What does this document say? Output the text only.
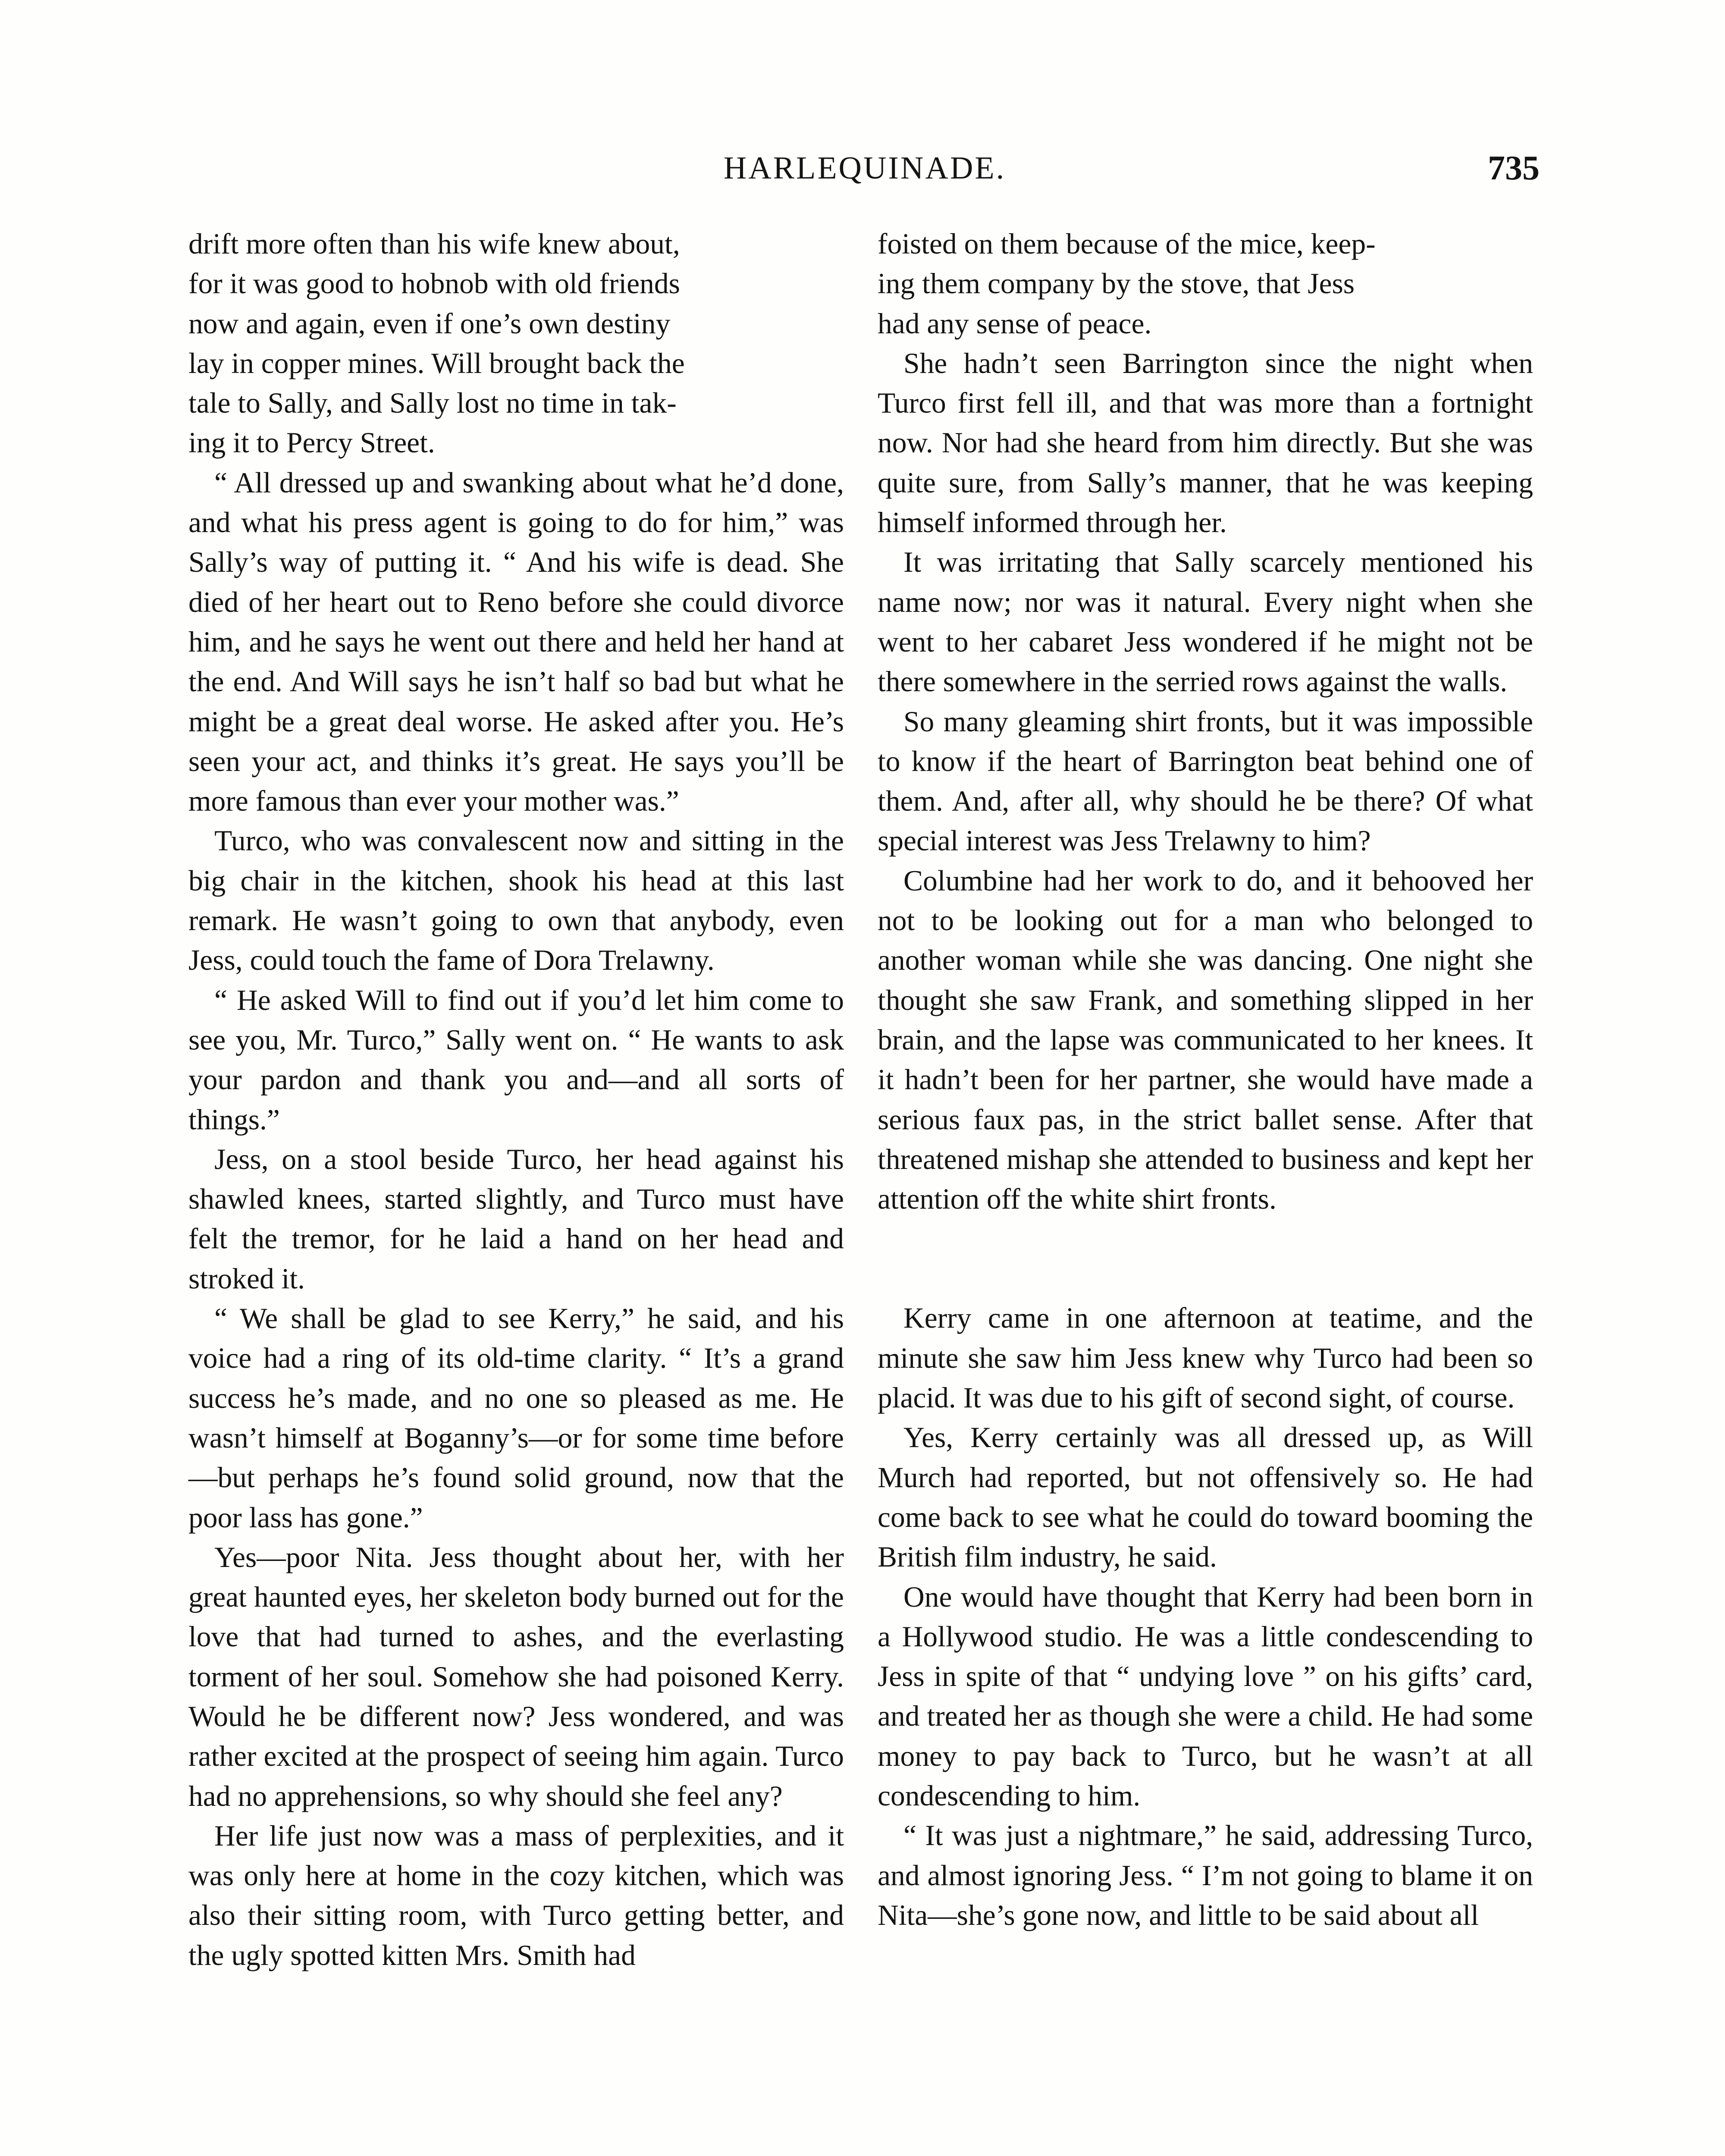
HARLEQUINADE.	735

drift more often than his wife knew about,
for it was good to hobnob with old friends
now and again, even if one’s own destiny
lay in copper mines. Will brought back the
tale to Sally, and Sally lost no time in tak-
ing it to Percy Street.

“ All dressed up and swanking about what he’d done, and what his press agent is going to do for him,” was Sally’s way of putting it. “ And his wife is dead. She died of her heart out to Reno before she could divorce him, and he says he went out there and held her hand at the end. And Will says he isn’t half so bad but what he might be a great deal worse. He asked after you. He’s seen your act, and thinks it’s great. He says you’ll be more famous than ever your mother was.”

Turco, who was convalescent now and sitting in the big chair in the kitchen, shook his head at this last remark. He wasn’t going to own that anybody, even Jess, could touch the fame of Dora Trelawny.

“ He asked Will to find out if you’d let him come to see you, Mr. Turco,” Sally went on. “ He wants to ask your pardon and thank you and—and all sorts of things.”

Jess, on a stool beside Turco, her head against his shawled knees, started slightly, and Turco must have felt the tremor, for he laid a hand on her head and stroked it.

“ We shall be glad to see Kerry,” he said, and his voice had a ring of its old-time clarity. “ It’s a grand success he’s made, and no one so pleased as me. He wasn’t himself at Boganny’s—or for some time before—but perhaps he’s found solid ground, now that the poor lass has gone.”

Yes—poor Nita. Jess thought about her, with her great haunted eyes, her skeleton body burned out for the love that had turned to ashes, and the everlasting torment of her soul. Somehow she had poisoned Kerry. Would he be different now? Jess wondered, and was rather excited at the prospect of seeing him again. Turco had no apprehensions, so why should she feel any?

Her life just now was a mass of perplexities, and it was only here at home in the cozy kitchen, which was also their sitting room, with Turco getting better, and the ugly spotted kitten Mrs. Smith had

foisted on them because of the mice, keep-
ing them company by the stove, that Jess
had any sense of peace.

She hadn’t seen Barrington since the night when Turco first fell ill, and that was more than a fortnight now. Nor had she heard from him directly. But she was quite sure, from Sally’s manner, that he was keeping himself informed through her.

It was irritating that Sally scarcely mentioned his name now; nor was it natural. Every night when she went to her cabaret Jess wondered if he might not be there somewhere in the serried rows against the walls.

So many gleaming shirt fronts, but it was impossible to know if the heart of Barrington beat behind one of them. And, after all, why should he be there? Of what special interest was Jess Trelawny to him?

Columbine had her work to do, and it behooved her not to be looking out for a man who belonged to another woman while she was dancing. One night she thought she saw Frank, and something slipped in her brain, and the lapse was communicated to her knees. It it hadn’t been for her partner, she would have made a serious faux pas, in the strict ballet sense. After that threatened mishap she attended to business and kept her attention off the white shirt fronts.

Kerry came in one afternoon at teatime, and the minute she saw him Jess knew why Turco had been so placid. It was due to his gift of second sight, of course.

Yes, Kerry certainly was all dressed up, as Will Murch had reported, but not offensively so. He had come back to see what he could do toward booming the British film industry, he said.

One would have thought that Kerry had been born in a Hollywood studio. He was a little condescending to Jess in spite of that “ undying love ” on his gifts’ card, and treated her as though she were a child. He had some money to pay back to Turco, but he wasn’t at all condescending to him.

“ It was just a nightmare,” he said, addressing Turco, and almost ignoring Jess. “ I’m not going to blame it on Nita—she’s gone now, and little to be said about all
